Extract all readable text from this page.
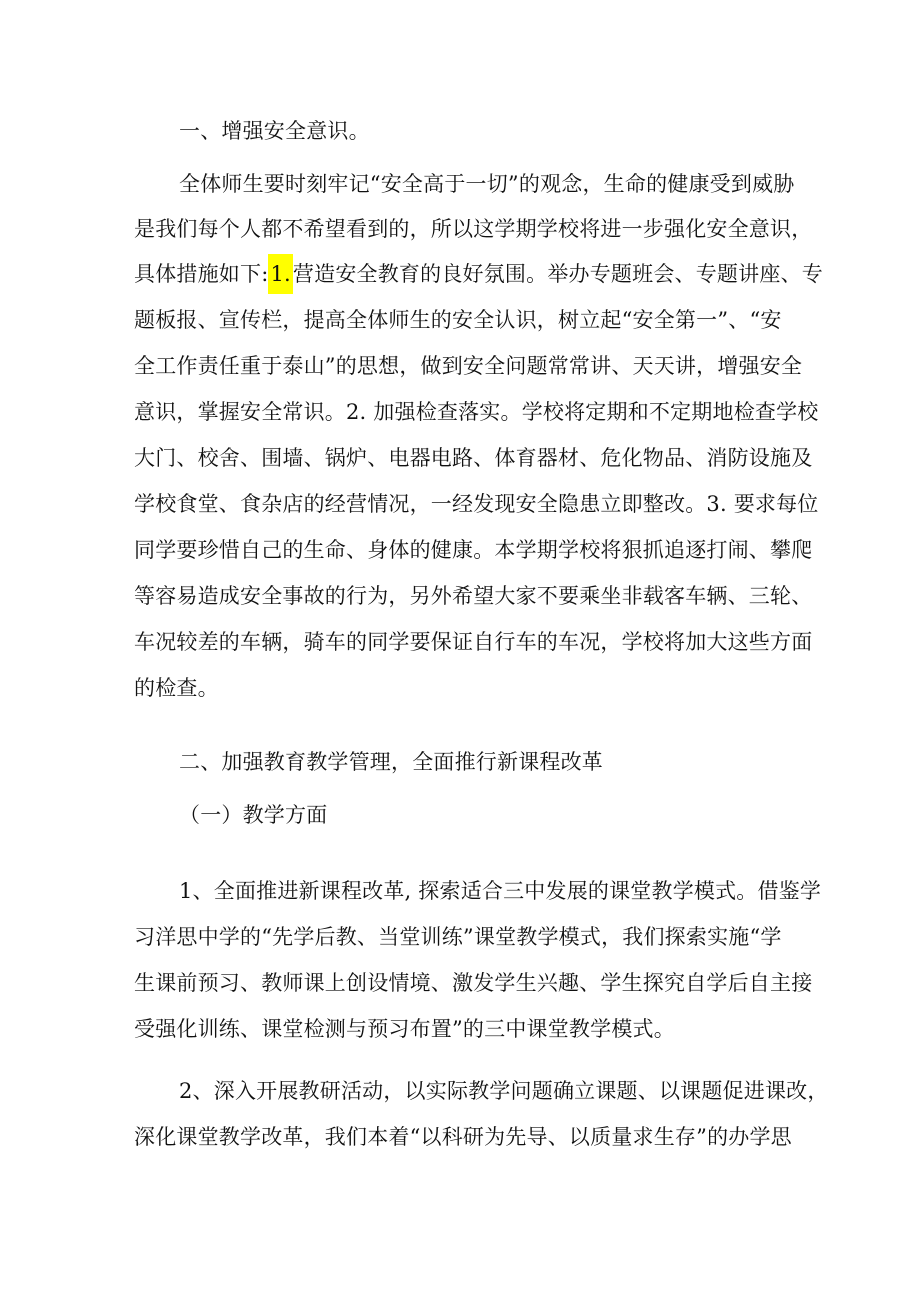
一、增强安全意识。
全体师生要时刻牢记“安全高于一切”的观念，生命的健康受到威胁
是我们每个人都不希望看到的，所以这学期学校将进一步强化安全意识，
具体措施如下:1.营造安全教育的良好氛围。举办专题班会、专题讲座、专
题板报、宣传栏，提高全体师生的安全认识，树立起“安全第一”、“安
全工作责任重于泰山”的思想，做到安全问题常常讲、天天讲，增强安全
意识，掌握安全常识。2. 加强检查落实。学校将定期和不定期地检查学校
大门、校舍、围墙、锅炉、电器电路、体育器材、危化物品、消防设施及
学校食堂、食杂店的经营情况，一经发现安全隐患立即整改。3. 要求每位
同学要珍惜自己的生命、身体的健康。本学期学校将狠抓追逐打闹、攀爬
等容易造成安全事故的行为，另外希望大家不要乘坐非载客车辆、三轮、
车况较差的车辆，骑车的同学要保证自行车的车况，学校将加大这些方面
的检查。
二、加强教育教学管理，全面推行新课程改革
（一）教学方面
1、全面推进新课程改革, 探索适合三中发展的课堂教学模式。借鉴学
习洋思中学的“先学后教、当堂训练”课堂教学模式，我们探索实施“学
生课前预习、教师课上创设情境、激发学生兴趣、学生探究自学后自主接
受强化训练、课堂检测与预习布置”的三中课堂教学模式。
2、深入开展教研活动，以实际教学问题确立课题、以课题促进课改，
深化课堂教学改革，我们本着“以科研为先导、以质量求生存”的办学思
